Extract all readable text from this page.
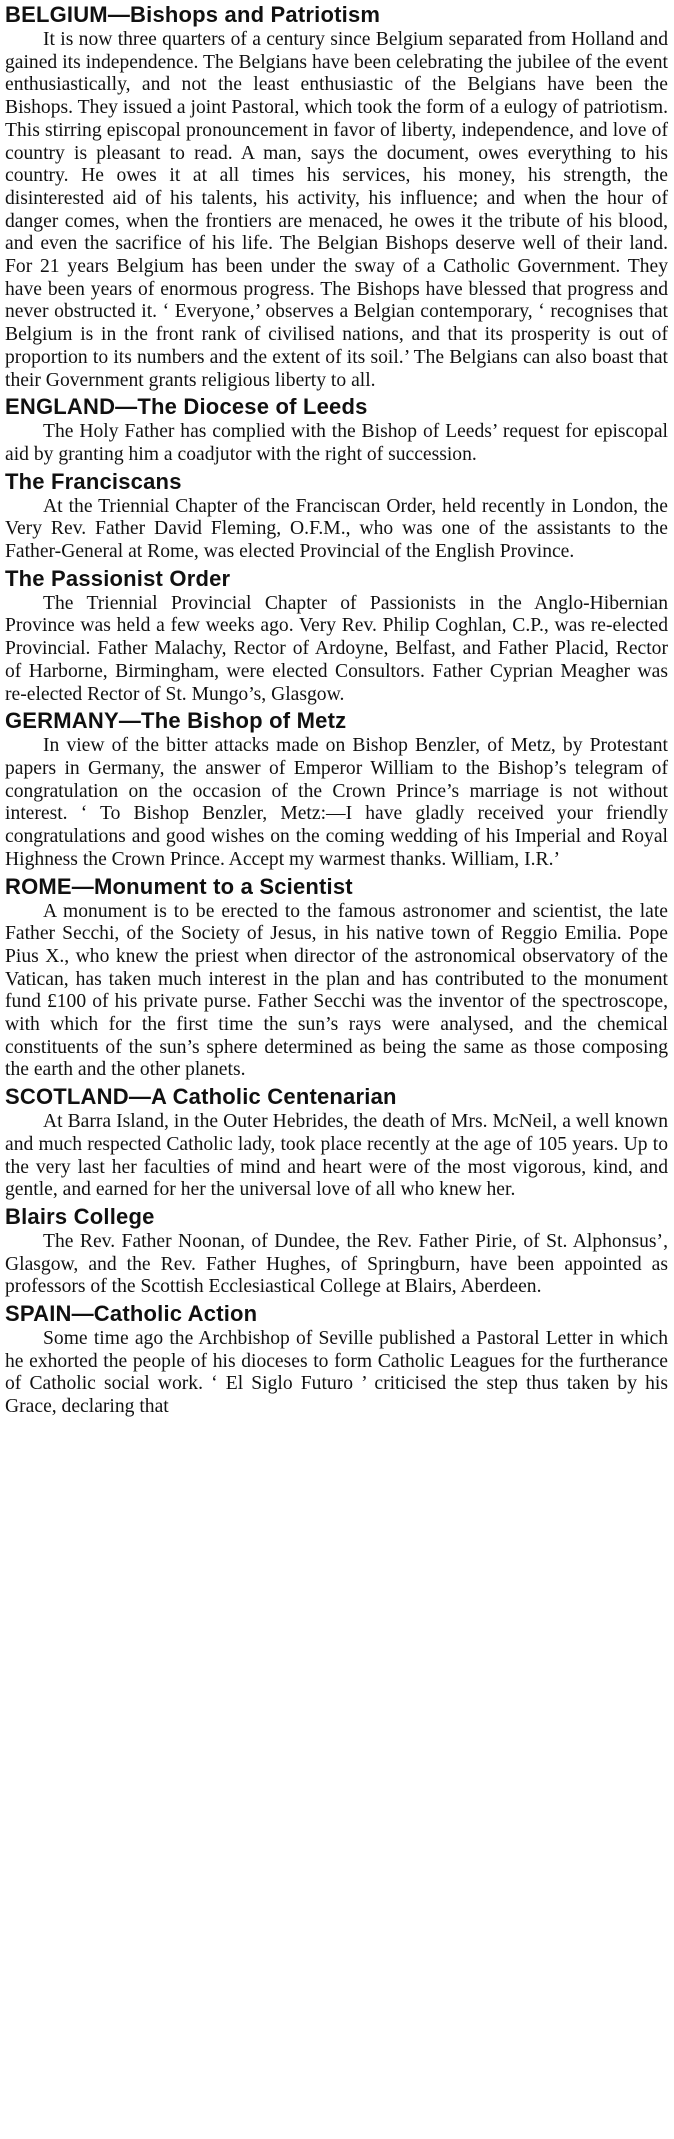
BELGIUM—Bishops and Patriotism

It is now three quarters of a century since Belgium separated from Holland and gained its independence. The Belgians have been celebrating the jubilee of the event enthusiastically, and not the least enthusiastic of the Belgians have been the Bishops. They issued a joint Pastoral, which took the form of a eulogy of patriotism. This stirring episcopal pronouncement in favor of liberty, independence, and love of country is pleasant to read. A man, says the document, owes everything to his country. He owes it at all times his services, his money, his strength, the disinterested aid of his talents, his activity, his influence; and when the hour of danger comes, when the frontiers are menaced, he owes it the tribute of his blood, and even the sacrifice of his life. The Belgian Bishops deserve well of their land. For 21 years Belgium has been under the sway of a Catholic Government. They have been years of enormous progress. The Bishops have blessed that progress and never obstructed it. ‘ Everyone,’ observes a Belgian contemporary, ‘ recognises that Belgium is in the front rank of civilised nations, and that its prosperity is out of proportion to its numbers and the extent of its soil.’ The Belgians can also boast that their Government grants religious liberty to all.

ENGLAND—The Diocese of Leeds

The Holy Father has complied with the Bishop of Leeds’ request for episcopal aid by granting him a coadjutor with the right of succession.

The Franciscans

At the Triennial Chapter of the Franciscan Order, held recently in London, the Very Rev. Father David Fleming, O.F.M., who was one of the assistants to the Father-General at Rome, was elected Provincial of the English Province.

The Passionist Order

The Triennial Provincial Chapter of Passionists in the Anglo-Hibernian Province was held a few weeks ago. Very Rev. Philip Coghlan, C.P., was re-elected Provincial. Father Malachy, Rector of Ardoyne, Belfast, and Father Placid, Rector of Harborne, Birmingham, were elected Consultors. Father Cyprian Meagher was re-elected Rector of St. Mungo’s, Glasgow.

GERMANY—The Bishop of Metz

In view of the bitter attacks made on Bishop Benzler, of Metz, by Protestant papers in Germany, the answer of Emperor William to the Bishop’s telegram of congratulation on the occasion of the Crown Prince’s marriage is not without interest. ‘ To Bishop Benzler, Metz:—I have gladly received your friendly congratulations and good wishes on the coming wedding of his Imperial and Royal Highness the Crown Prince. Accept my warmest thanks. William, I.R.’

ROME—Monument to a Scientist

A monument is to be erected to the famous astronomer and scientist, the late Father Secchi, of the Society of Jesus, in his native town of Reggio Emilia. Pope Pius X., who knew the priest when director of the astronomical observatory of the Vatican, has taken much interest in the plan and has contributed to the monument fund £100 of his private purse. Father Secchi was the inventor of the spectroscope, with which for the first time the sun’s rays were analysed, and the chemical constituents of the sun’s sphere determined as being the same as those composing the earth and the other planets.

SCOTLAND—A Catholic Centenarian

At Barra Island, in the Outer Hebrides, the death of Mrs. McNeil, a well known and much respected Catholic lady, took place recently at the age of 105 years. Up to the very last her faculties of mind and heart were of the most vigorous, kind, and gentle, and earned for her the universal love of all who knew her.

Blairs College

The Rev. Father Noonan, of Dundee, the Rev. Father Pirie, of St. Alphonsus’, Glasgow, and the Rev. Father Hughes, of Springburn, have been appointed as professors of the Scottish Ecclesiastical College at Blairs, Aberdeen.

SPAIN—Catholic Action

Some time ago the Archbishop of Seville published a Pastoral Letter in which he exhorted the people of his dioceses to form Catholic Leagues for the furtherance of Catholic social work. ‘ El Siglo Futuro ’ criticised the step thus taken by his Grace, declaring that
